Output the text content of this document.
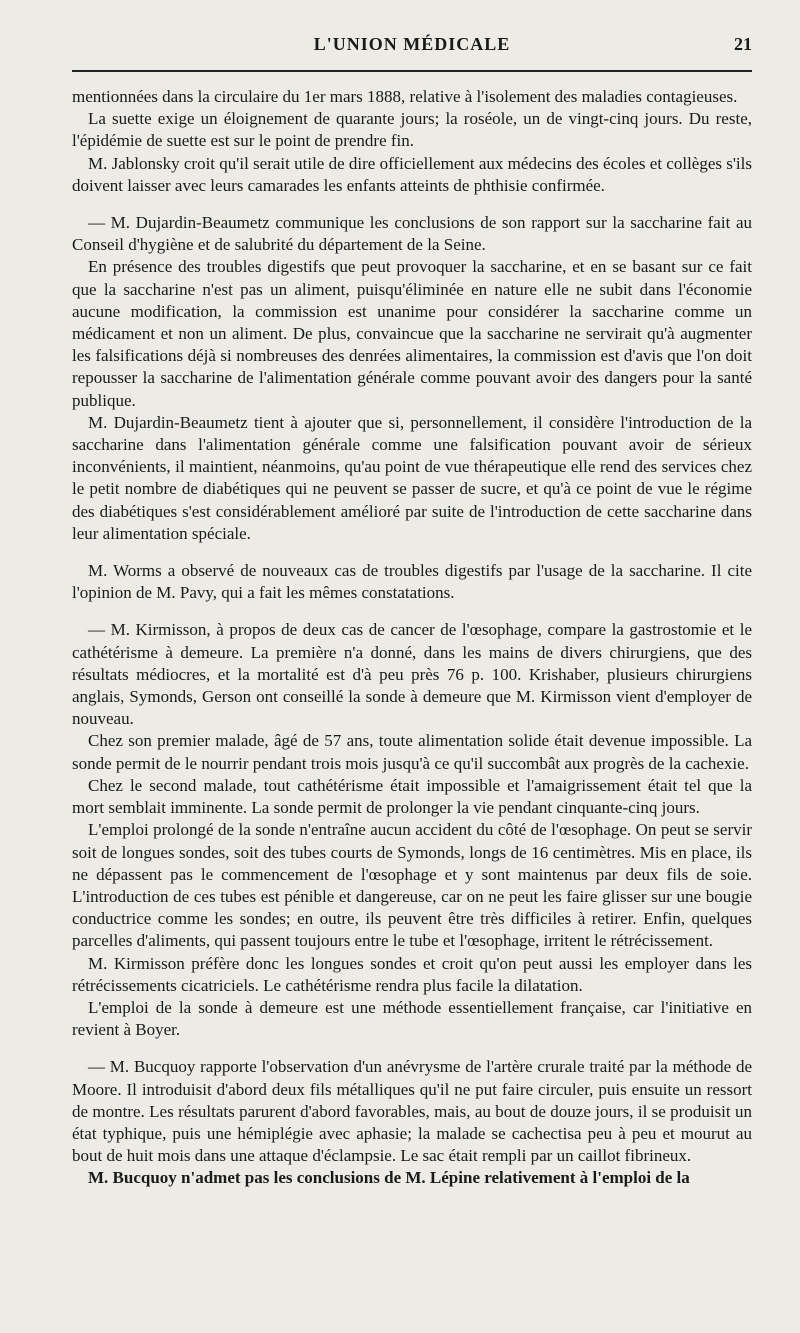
L'UNION MÉDICALE	21

mentionnées dans la circulaire du 1er mars 1888, relative à l'isolement des maladies contagieuses.

La suette exige un éloignement de quarante jours; la roséole, un de vingt-cinq jours. Du reste, l'épidémie de suette est sur le point de prendre fin.

M. Jablonsky croit qu'il serait utile de dire officiellement aux médecins des écoles et collèges s'ils doivent laisser avec leurs camarades les enfants atteints de phthisie confirmée.

— M. Dujardin-Beaumetz communique les conclusions de son rapport sur la saccharine fait au Conseil d'hygiène et de salubrité du département de la Seine.

En présence des troubles digestifs que peut provoquer la saccharine, et en se basant sur ce fait que la saccharine n'est pas un aliment, puisqu'éliminée en nature elle ne subit dans l'économie aucune modification, la commission est unanime pour considérer la saccharine comme un médicament et non un aliment. De plus, convaincue que la saccharine ne servirait qu'à augmenter les falsifications déjà si nombreuses des denrées alimentaires, la commission est d'avis que l'on doit repousser la saccharine de l'alimentation générale comme pouvant avoir des dangers pour la santé publique.

M. Dujardin-Beaumetz tient à ajouter que si, personnellement, il considère l'introduction de la saccharine dans l'alimentation générale comme une falsification pouvant avoir de sérieux inconvénients, il maintient, néanmoins, qu'au point de vue thérapeutique elle rend des services chez le petit nombre de diabétiques qui ne peuvent se passer de sucre, et qu'à ce point de vue le régime des diabétiques s'est considérablement amélioré par suite de l'introduction de cette saccharine dans leur alimentation spéciale.

M. Worms a observé de nouveaux cas de troubles digestifs par l'usage de la saccharine. Il cite l'opinion de M. Pavy, qui a fait les mêmes constatations.

— M. Kirmisson, à propos de deux cas de cancer de l'œsophage, compare la gastrostomie et le cathétérisme à demeure. La première n'a donné, dans les mains de divers chirurgiens, que des résultats médiocres, et la mortalité est d'à peu près 76 p. 100. Krishaber, plusieurs chirurgiens anglais, Symonds, Gerson ont conseillé la sonde à demeure que M. Kirmisson vient d'employer de nouveau.

Chez son premier malade, âgé de 57 ans, toute alimentation solide était devenue impossible. La sonde permit de le nourrir pendant trois mois jusqu'à ce qu'il succombât aux progrès de la cachexie.

Chez le second malade, tout cathétérisme était impossible et l'amaigrissement était tel que la mort semblait imminente. La sonde permit de prolonger la vie pendant cinquante-cinq jours.

L'emploi prolongé de la sonde n'entraîne aucun accident du côté de l'œsophage. On peut se servir soit de longues sondes, soit des tubes courts de Symonds, longs de 16 centimètres. Mis en place, ils ne dépassent pas le commencement de l'œsophage et y sont maintenus par deux fils de soie. L'introduction de ces tubes est pénible et dangereuse, car on ne peut les faire glisser sur une bougie conductrice comme les sondes; en outre, ils peuvent être très difficiles à retirer. Enfin, quelques parcelles d'aliments, qui passent toujours entre le tube et l'œsophage, irritent le rétrécissement.

M. Kirmisson préfère donc les longues sondes et croit qu'on peut aussi les employer dans les rétrécissements cicatriciels. Le cathétérisme rendra plus facile la dilatation.

L'emploi de la sonde à demeure est une méthode essentiellement française, car l'initiative en revient à Boyer.

— M. Bucquoy rapporte l'observation d'un anévrysme de l'artère crurale traité par la méthode de Moore. Il introduisit d'abord deux fils métalliques qu'il ne put faire circuler, puis ensuite un ressort de montre. Les résultats parurent d'abord favorables, mais, au bout de douze jours, il se produisit un état typhique, puis une hémiplégie avec aphasie; la malade se cachectisa peu à peu et mourut au bout de huit mois dans une attaque d'éclampsie. Le sac était rempli par un caillot fibrineux.

M. Bucquoy n'admet pas les conclusions de M. Lépine relativement à l'emploi de la
